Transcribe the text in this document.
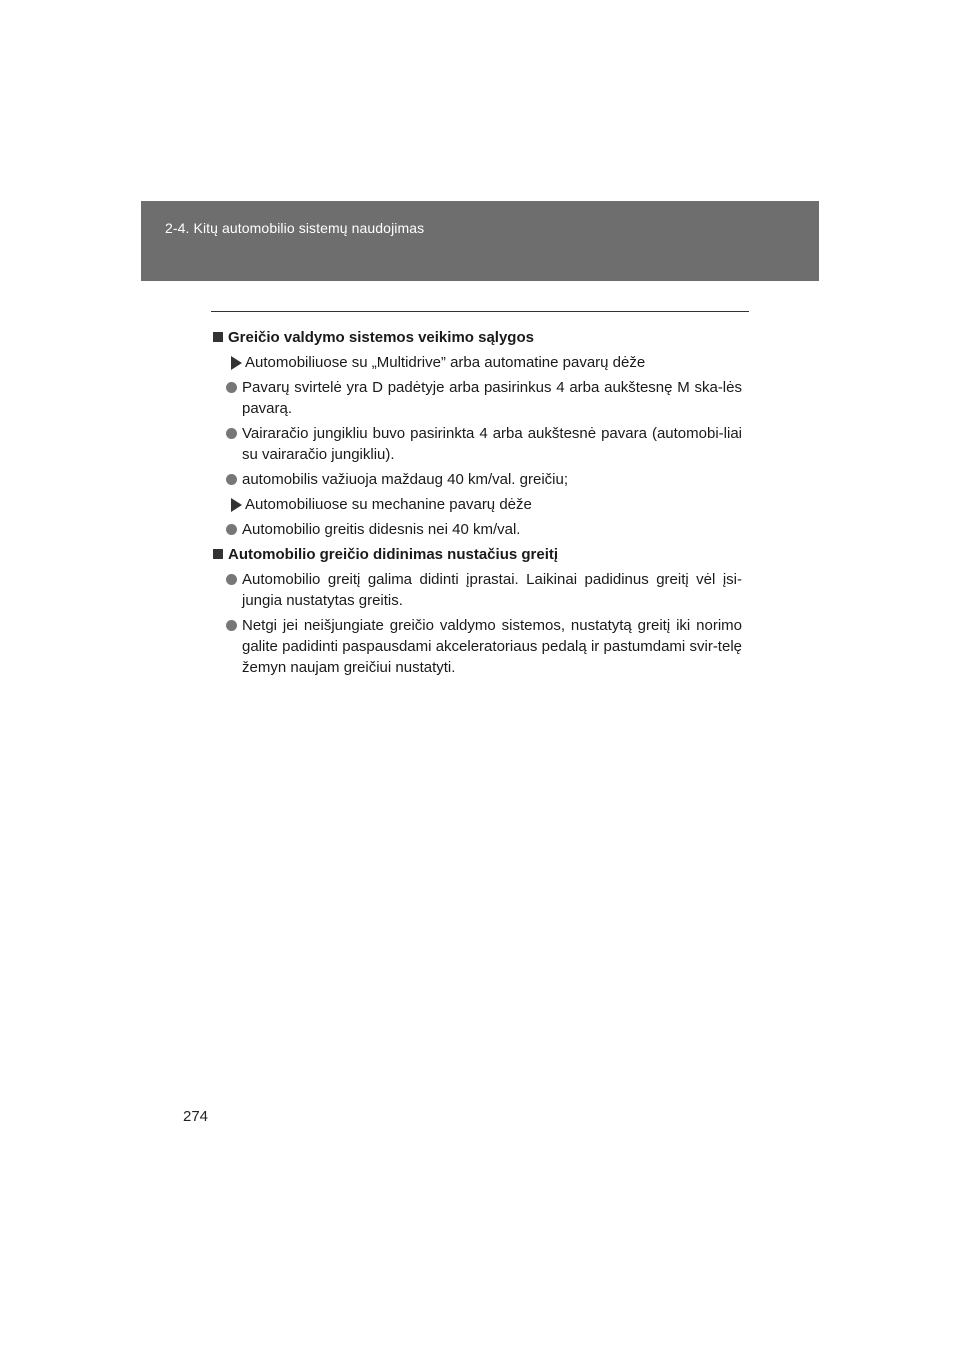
2-4. Kitų automobilio sistemų naudojimas
Greičio valdymo sistemos veikimo sąlygos
Automobiliuose su „Multidrive” arba automatine pavarų dėže
Pavarų svirtelė yra D padėtyje arba pasirinkus 4 arba aukštesnę M ska-lės pavarą.
Vairaračio jungikliu buvo pasirinkta 4 arba aukštesnė pavara (automobi-liai su vairaračio jungikliu).
automobilis važiuoja maždaug 40 km/val. greičiu;
Automobiliuose su mechanine pavarų dėže
Automobilio greitis didesnis nei 40 km/val.
Automobilio greičio didinimas nustačius greitį
Automobilio greitį galima didinti įprastai. Laikinai padidinus greitį vėl įsi-jungia nustatytas greitis.
Netgi jei neišjungiate greičio valdymo sistemos, nustatytą greitį iki norimo galite padidinti paspausdami akceleratoriaus pedalą ir pastumdami svir-telę žemyn naujam greičiui nustatyti.
274
